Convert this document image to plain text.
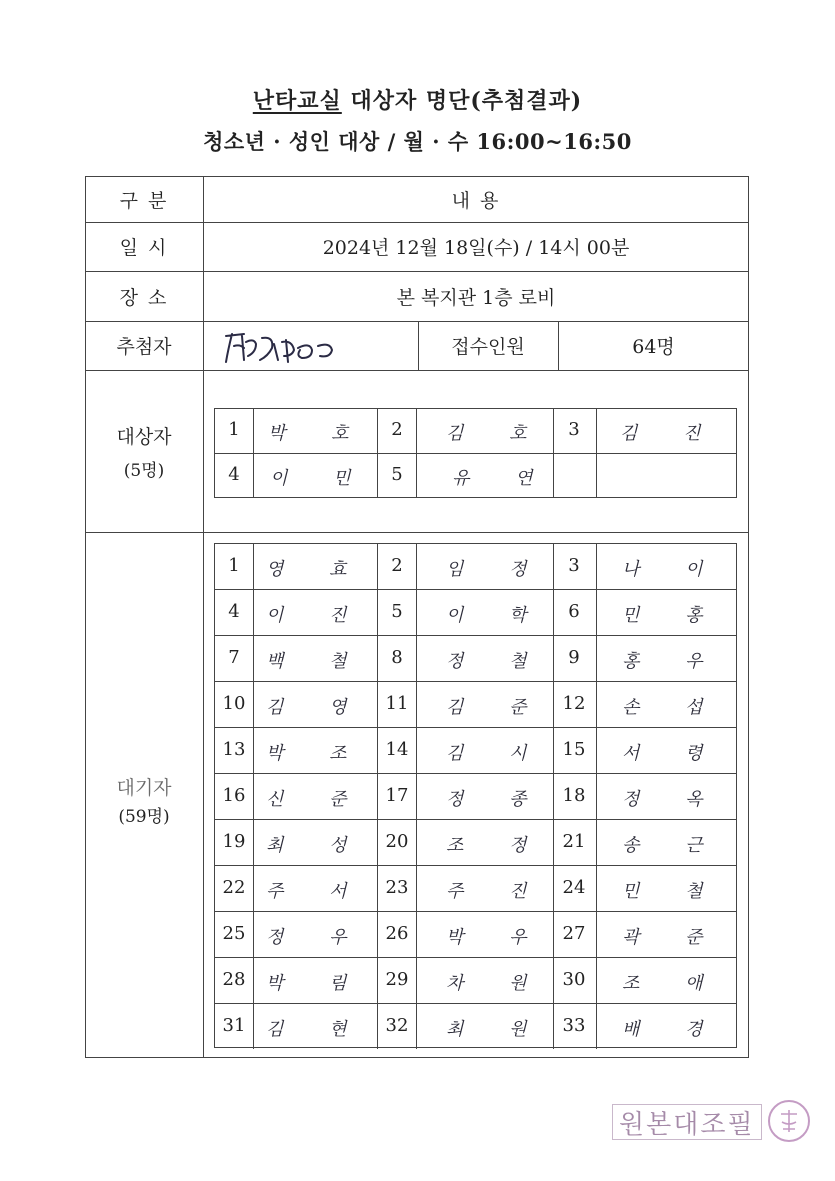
난타교실 대상자 명단(추첨결과)
청소년 · 성인 대상 / 월 · 수 16:00~16:50
구 분	내 용
일 시	2024년 12월 18일(수) / 14시 00분
장 소	본 복지관 1층 로비
추첨자	접수인원	64명
대상자
(5명)
1	박 호	2	김 호	3	김 진
4	이 민	5	유 연
대기자
(59명)
1	영 효	2	임 정	3	나 이
4	이 진	5	이 학	6	민 홍
7	백 철	8	정 철	9	홍 우
10	김 영	11	김 준 12	손 섭
13	박 조	14	김 시 15	서 령
16	신 준	17	정 종 18	정 옥
19	최 성	20	조 정 21	송 근
22	주 서	23	주 진 24	민 철
25	정 우	26	박 우 27	곽 준
28	박 림	29	차 원 30	조 애
31	김 현	32	최 원 33	배 경
원본대조필
